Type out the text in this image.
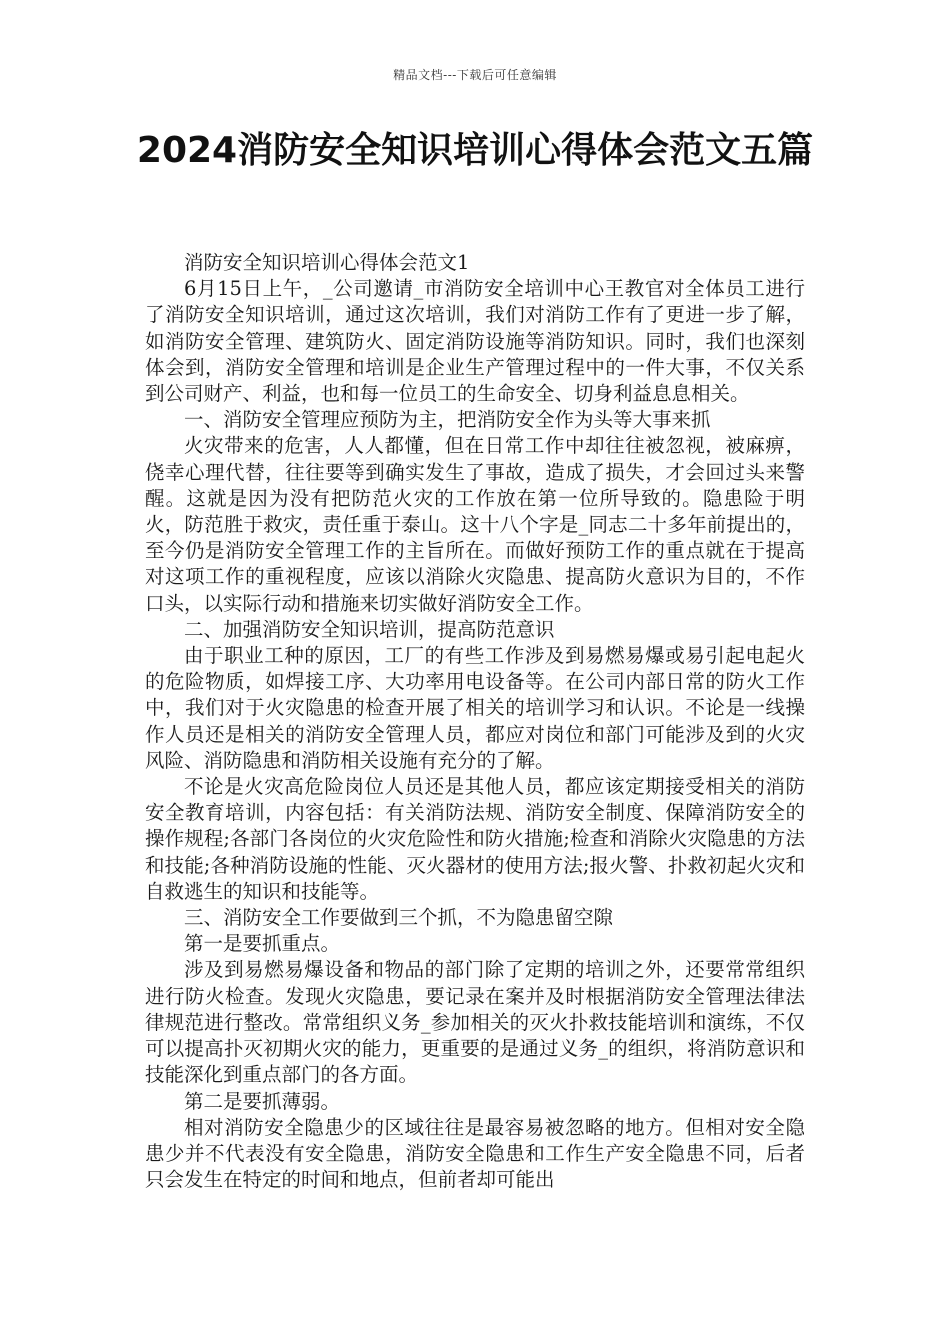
精品文档---下载后可任意编辑
2024消防安全知识培训心得体会范文五篇

消防安全知识培训心得体会范文1

6月15日上午，_公司邀请_市消防安全培训中心王教官对全体员工进行了消防安全知识培训，通过这次培训，我们对消防工作有了更进一步了解，如消防安全管理、建筑防火、固定消防设施等消防知识。同时，我们也深刻体会到，消防安全管理和培训是企业生产管理过程中的一件大事，不仅关系到公司财产、利益，也和每一位员工的生命安全、切身利益息息相关。

一、消防安全管理应预防为主，把消防安全作为头等大事来抓

火灾带来的危害，人人都懂，但在日常工作中却往往被忽视，被麻痹，侥幸心理代替，往往要等到确实发生了事故，造成了损失，才会回过头来警醒。这就是因为没有把防范火灾的工作放在第一位所导致的。隐患险于明火，防范胜于救灾，责任重于泰山。这十八个字是_同志二十多年前提出的，至今仍是消防安全管理工作的主旨所在。而做好预防工作的重点就在于提高对这项工作的重视程度，应该以消除火灾隐患、提高防火意识为目的，不作口头，以实际行动和措施来切实做好消防安全工作。

二、加强消防安全知识培训，提高防范意识

由于职业工种的原因，工厂的有些工作涉及到易燃易爆或易引起电起火的危险物质，如焊接工序、大功率用电设备等。在公司内部日常的防火工作中，我们对于火灾隐患的检查开展了相关的培训学习和认识。不论是一线操作人员还是相关的消防安全管理人员，都应对岗位和部门可能涉及到的火灾风险、消防隐患和消防相关设施有充分的了解。

不论是火灾高危险岗位人员还是其他人员，都应该定期接受相关的消防安全教育培训，内容包括：有关消防法规、消防安全制度、保障消防安全的操作规程;各部门各岗位的火灾危险性和防火措施;检查和消除火灾隐患的方法和技能;各种消防设施的性能、灭火器材的使用方法;报火警、扑救初起火灾和自救逃生的知识和技能等。

三、消防安全工作要做到三个抓，不为隐患留空隙

第一是要抓重点。

涉及到易燃易爆设备和物品的部门除了定期的培训之外，还要常常组织进行防火检查。发现火灾隐患，要记录在案并及时根据消防安全管理法律法律规范进行整改。常常组织义务_参加相关的灭火扑救技能培训和演练，不仅可以提高扑灭初期火灾的能力，更重要的是通过义务_的组织，将消防意识和技能深化到重点部门的各方面。

第二是要抓薄弱。

相对消防安全隐患少的区域往往是最容易被忽略的地方。但相对安全隐患少并不代表没有安全隐患，消防安全隐患和工作生产安全隐患不同，后者只会发生在特定的时间和地点，但前者却可能出
